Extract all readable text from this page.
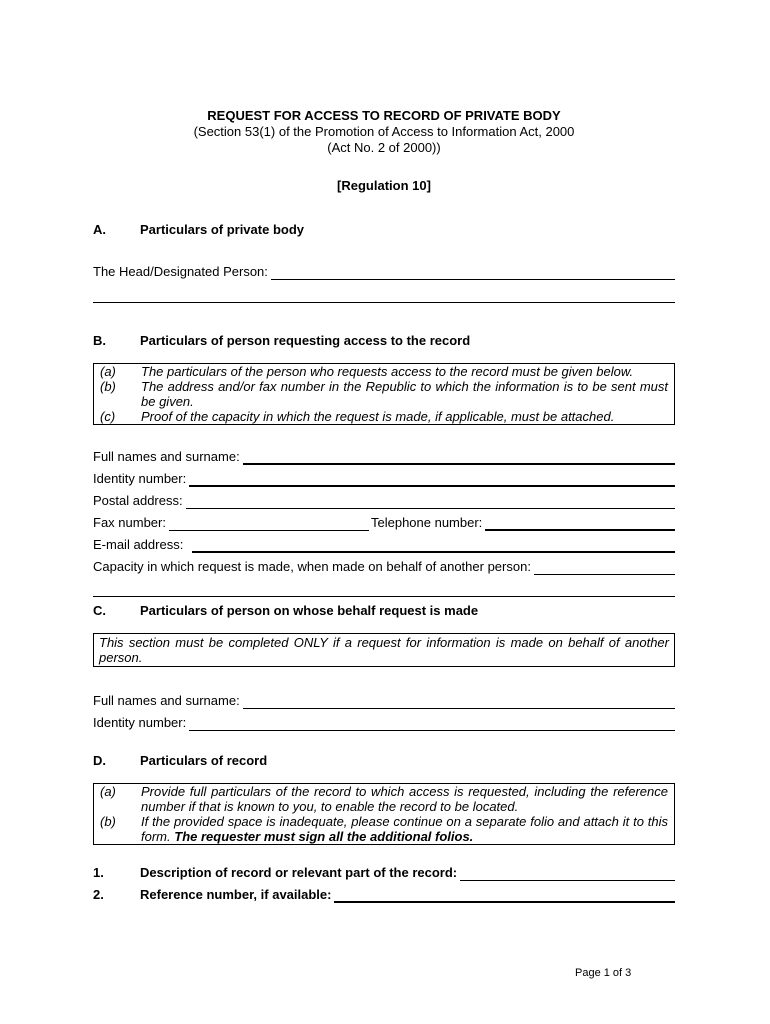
REQUEST FOR ACCESS TO RECORD OF PRIVATE BODY
(Section 53(1) of the Promotion of Access to Information Act, 2000
(Act No. 2 of 2000))
[Regulation 10]
A.	Particulars of private body
The Head/Designated Person:
B.	Particulars of person requesting access to the record
(a)	The particulars of the person who requests access to the record must be given below.
(b)	The address and/or fax number in the Republic to which the information is to be sent must be given.
(c)	Proof of the capacity in which the request is made, if applicable, must be attached.
Full names and surname:
Identity number:
Postal address:
Fax number:	Telephone number:
E-mail address:
Capacity in which request is made, when made on behalf of another person:
C.	Particulars of person on whose behalf request is made
This section must be completed ONLY if a request for information is made on behalf of another person.
Full names and surname:
Identity number:
D.	Particulars of record
(a)	Provide full particulars of the record to which access is requested, including the reference number if that is known to you, to enable the record to be located.
(b)	If the provided space is inadequate, please continue on a separate folio and attach it to this form. The requester must sign all the additional folios.
1.	Description of record or relevant part of the record:
2.	Reference number, if available:
Page 1 of 3
